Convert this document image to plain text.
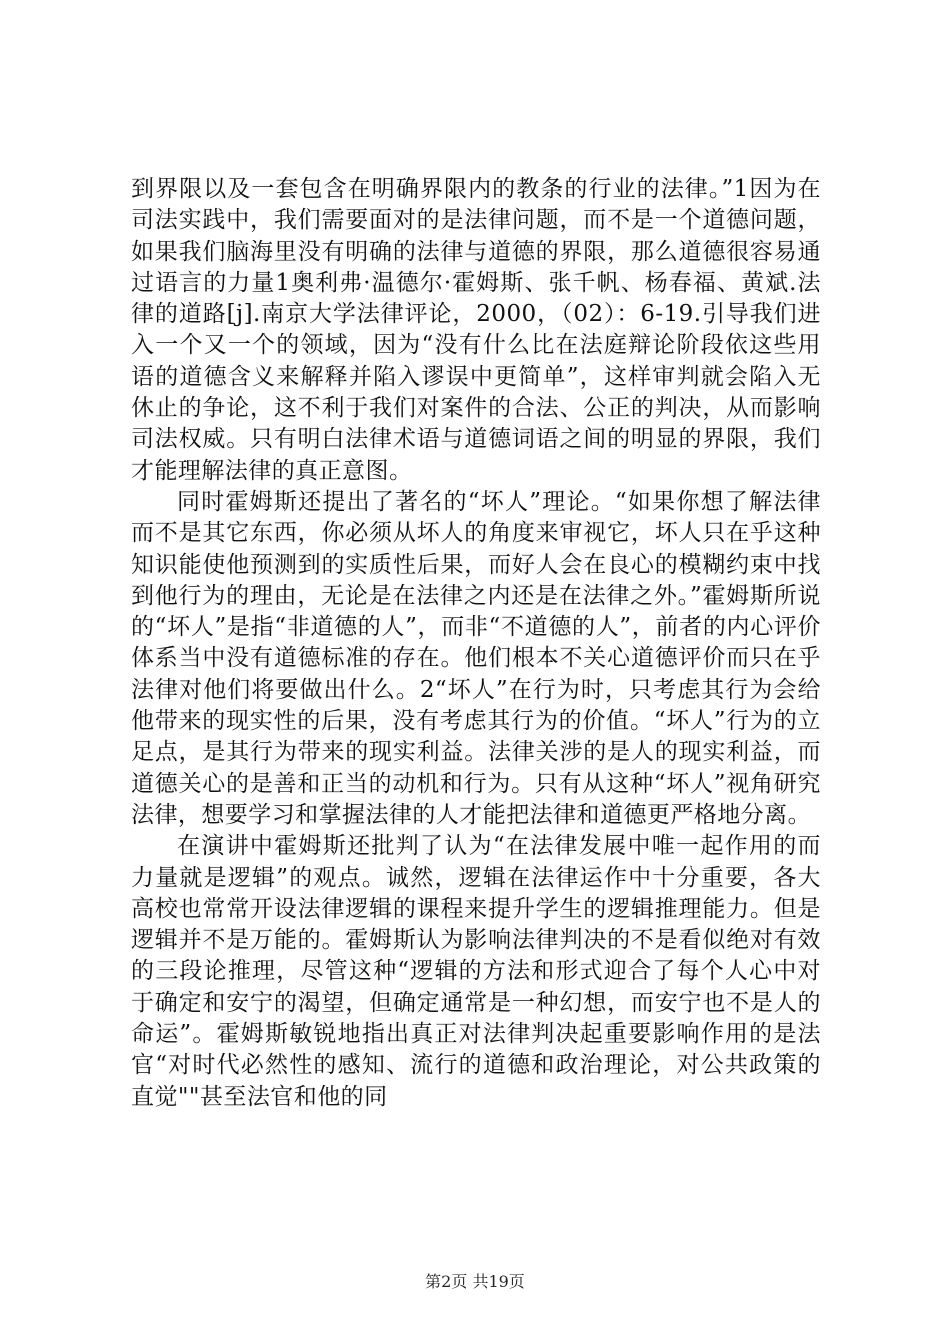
到界限以及一套包含在明确界限内的教条的行业的法律。”1因为在司法实践中，我们需要面对的是法律问题，而不是一个道德问题，如果我们脑海里没有明确的法律与道德的界限，那么道德很容易通过语言的力量1奥利弗·温德尔·霍姆斯、张千帆、杨春福、黄斌.法律的道路[j].南京大学法律评论，2000，（02）：6-19.引导我们进入一个又一个的领域，因为“没有什么比在法庭辩论阶段依这些用语的道德含义来解释并陷入谬误中更简单”，这样审判就会陷入无休止的争论，这不利于我们对案件的合法、公正的判决，从而影响司法权威。只有明白法律术语与道德词语之间的明显的界限，我们才能理解法律的真正意图。

同时霍姆斯还提出了著名的“坏人”理论。“如果你想了解法律而不是其它东西，你必须从坏人的角度来审视它，坏人只在乎这种知识能使他预测到的实质性后果，而好人会在良心的模糊约束中找到他行为的理由，无论是在法律之内还是在法律之外。”霍姆斯所说的“坏人”是指“非道德的人”，而非“不道德的人”，前者的内心评价体系当中没有道德标准的存在。他们根本不关心道德评价而只在乎法律对他们将要做出什么。2“坏人”在行为时，只考虑其行为会给他带来的现实性的后果，没有考虑其行为的价值。“坏人”行为的立足点，是其行为带来的现实利益。法律关涉的是人的现实利益，而道德关心的是善和正当的动机和行为。只有从这种“坏人”视角研究法律，想要学习和掌握法律的人才能把法律和道德更严格地分离。

在演讲中霍姆斯还批判了认为“在法律发展中唯一起作用的而力量就是逻辑”的观点。诚然，逻辑在法律运作中十分重要，各大高校也常常开设法律逻辑的课程来提升学生的逻辑推理能力。但是逻辑并不是万能的。霍姆斯认为影响法律判决的不是看似绝对有效的三段论推理，尽管这种“逻辑的方法和形式迎合了每个人心中对于确定和安宁的渴望，但确定通常是一种幻想，而安宁也不是人的命运”。霍姆斯敏锐地指出真正对法律判决起重要影响作用的是法官“对时代必然性的感知、流行的道德和政治理论，对公共政策的直觉""甚至法官和他的同

第2页 共19页
